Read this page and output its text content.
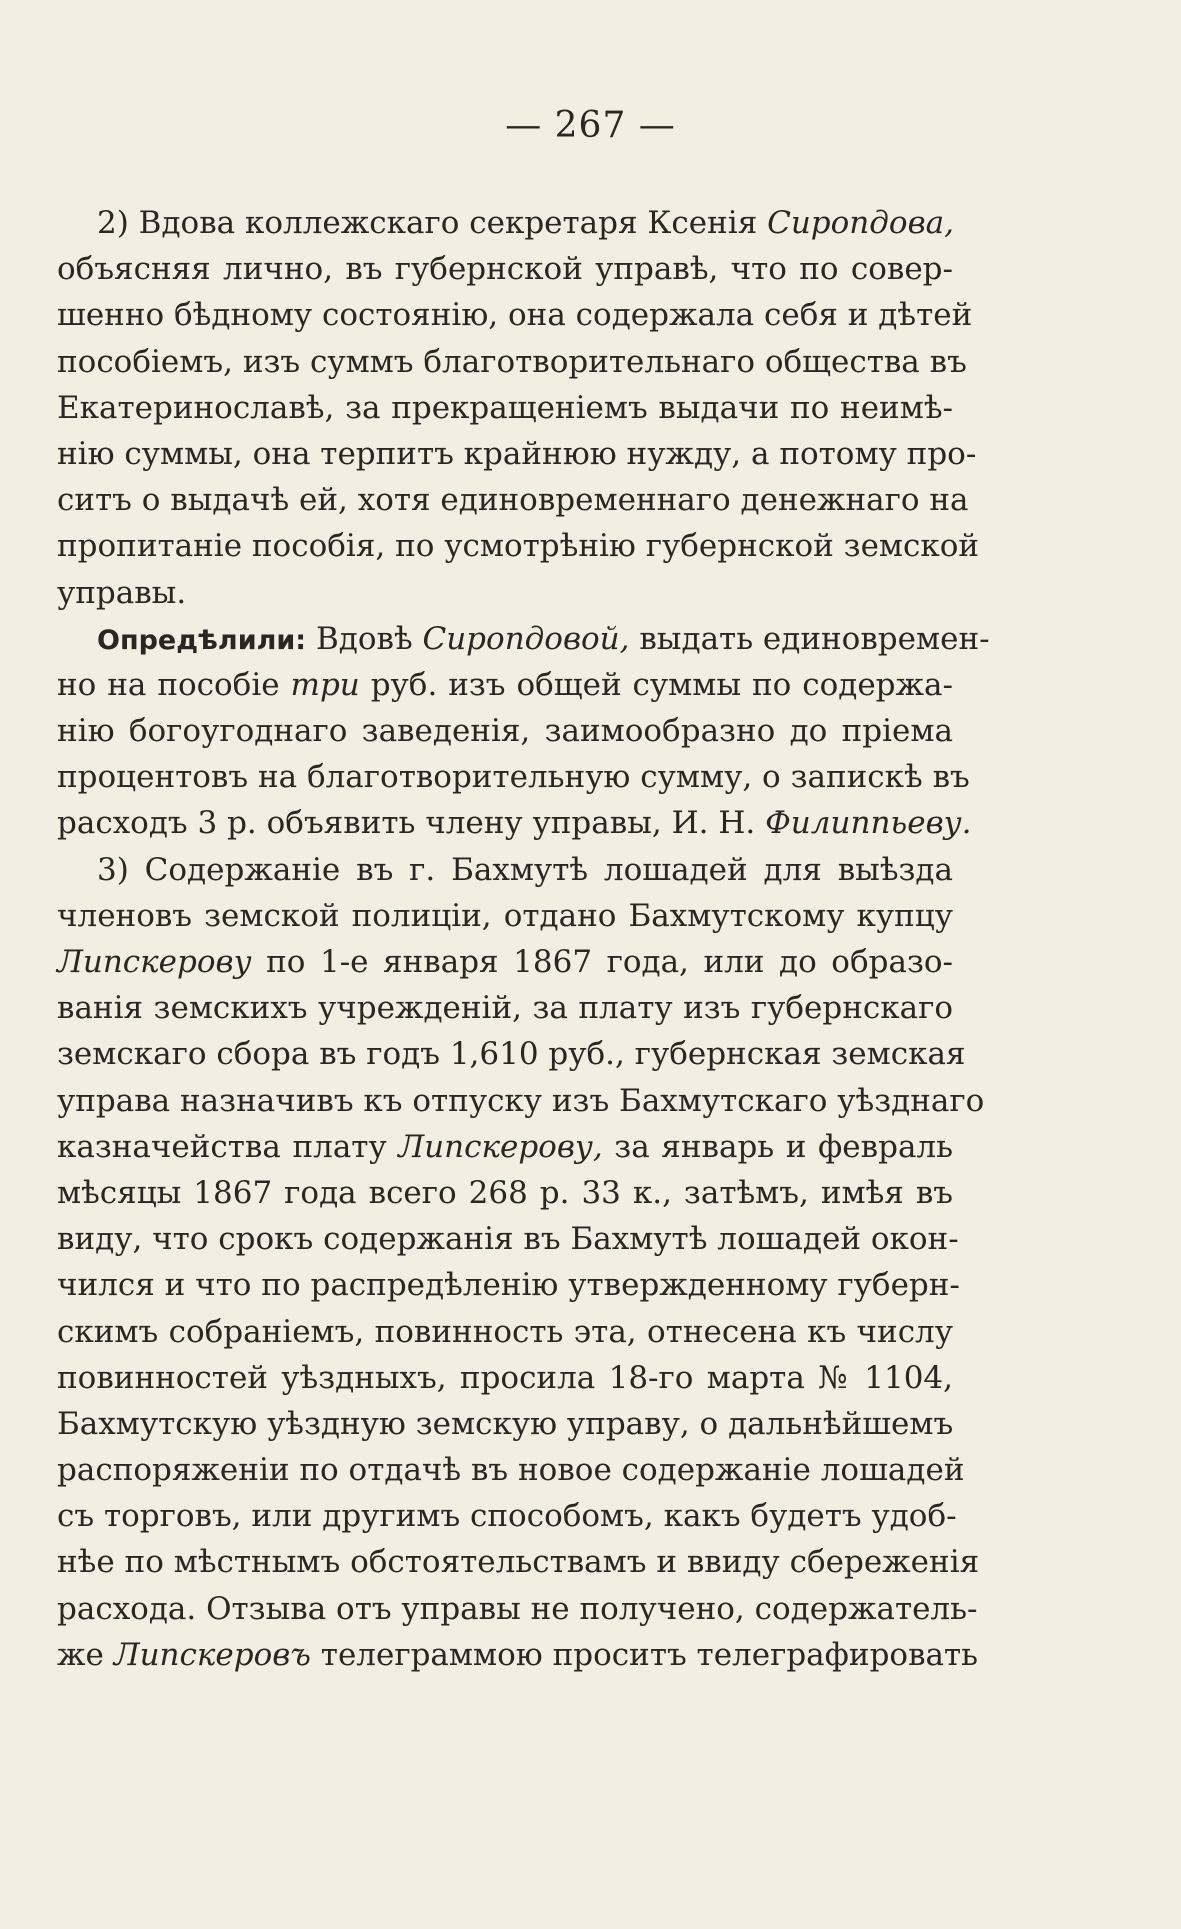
— 267 —
2) Вдова коллежскаго секретаря Ксенія Сиропдова,
объясняя лично, въ губернской управѣ, что по совер-
шенно бѣдному состоянію, она содержала себя и дѣтей
пособіемъ, изъ суммъ благотворительнаго общества въ
Екатеринославѣ, за прекращеніемъ выдачи по неимѣ-
нію суммы, она терпитъ крайнюю нужду, а потому про-
ситъ о выдачѣ ей, хотя единовременнаго денежнаго на
пропитаніе пособія, по усмотрѣнію губернской земской
управы.
Опредѣлили: Вдовѣ Сиропдовой, выдать единовремен-
но на пособіе три руб. изъ общей суммы по содержа-
нію богоугоднаго заведенія, заимообразно до пріема
процентовъ на благотворительную сумму, о запискѣ въ
расходъ 3 р. объявить члену управы, И. Н. Филиппьеву.
3) Содержаніе въ г. Бахмутѣ лошадей для выѣзда
членовъ земской полиціи, отдано Бахмутскому купцу
Липскерову по 1-е января 1867 года, или до образо-
ванія земскихъ учрежденій, за плату изъ губернскаго
земскаго сбора въ годъ 1,610 руб., губернская земская
управа назначивъ къ отпуску изъ Бахмутскаго уѣзднаго
казначейства плату Липскерову, за январь и февраль
мѣсяцы 1867 года всего 268 р. 33 к., затѣмъ, имѣя въ
виду, что срокъ содержанія въ Бахмутѣ лошадей окон-
чился и что по распредѣленію утвержденному губерн-
скимъ собраніемъ, повинность эта, отнесена къ числу
повинностей уѣздныхъ, просила 18-го марта № 1104,
Бахмутскую уѣздную земскую управу, о дальнѣйшемъ
распоряженіи по отдачѣ въ новое содержаніе лошадей
съ торговъ, или другимъ способомъ, какъ будетъ удоб-
нѣе по мѣстнымъ обстоятельствамъ и ввиду сбереженія
расхода. Отзыва отъ управы не получено, содержатель-
же Липскеровъ телеграммою проситъ телеграфировать
